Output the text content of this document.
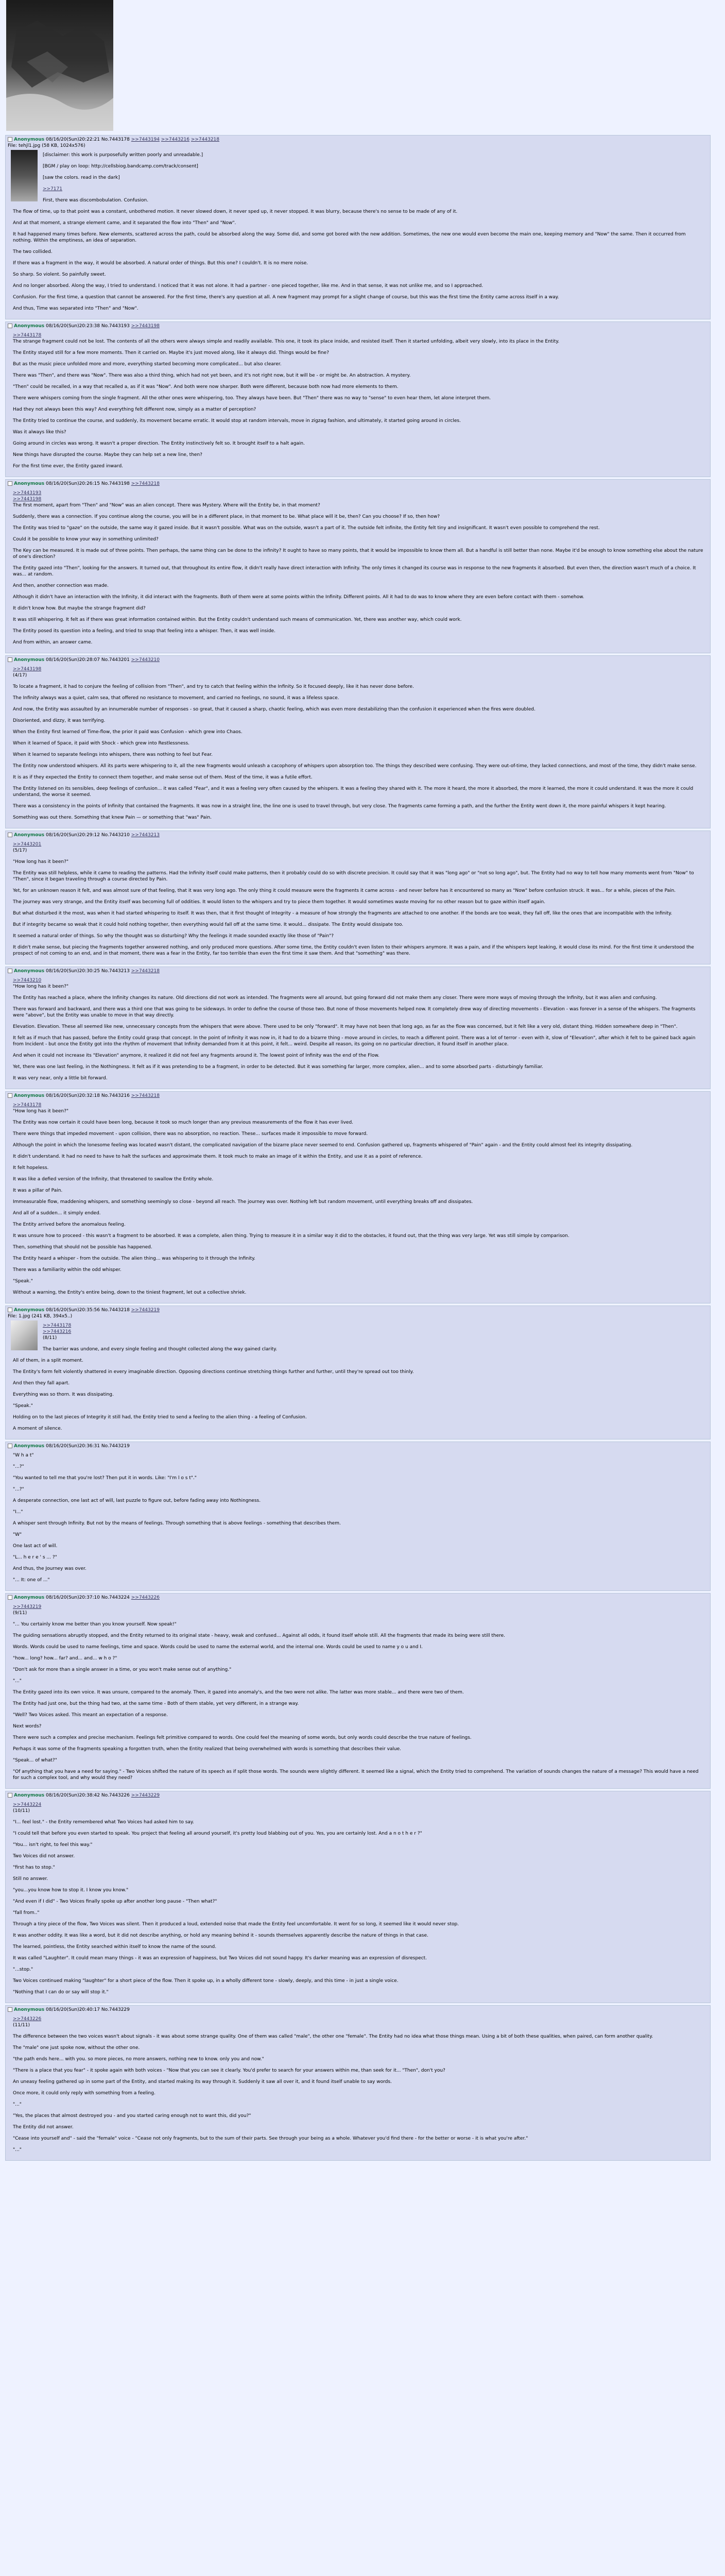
Anonymous 08/16/20(Sun)20:22:21 No.7443178 >>7443194 >>7443216 >>7443218
File: tehjl1.jpg (58 KB, 1024x576)

[disclaimer: this work is purposefully written poorly and unreadable.]

[BGM / play on loop: http://cellsbiog.bandcamp.com/track/consent]

[saw the colors. read in the dark]

>>7171

First, there was discombobulation. Confusion.

The flow of time, up to that point was a constant, unbothered motion. It never slowed down, it never sped up, it never stopped. It was blurry, because there's no sense to be made of any of it.

And at that moment, a strange element came, and it separated the flow into "Then" and "Now".

It had happened many times before. New elements, scattered across the path, could be absorbed along the way. Some did, and some got bored with the new addition. Sometimes, the new one would even become the main one, keeping memory and "Now" the same. Then it occurred from nothing. Within the emptiness, an idea of separation.

The two collided.

If there was a fragment in the way, it would be absorbed. A natural order of things. But this one? I couldn't. It is no mere noise.

So sharp. So violent. So painfully sweet.

And no longer absorbed. Along the way, I tried to understand. I noticed that it was not alone. It had a partner - one pieced together, like me. And in that sense, it was not unlike me, and so I approached.

Confusion. For the first time, a question that cannot be answered. For the first time, there's any question at all. A new fragment may prompt for a slight change of course, but this was the first time the Entity came across itself in a way.

And thus, Time was separated into "Then" and "Now".

Anonymous 08/16/20(Sun)20:23:38 No.7443193 >>7443198
>>7443178

The strange fragment could not be lost. The contents of all the others were always simple and readily available. This one, it took its place inside, and resisted itself. Then it started unfolding, albeit very slowly, into its place in the Entity.

The Entity stayed still for a few more moments. Then it carried on. Maybe it's just moved along, like it always did. Things would be fine?

But as the music piece unfolded more and more, everything started becoming more complicated... but also clearer.

There was "Then", and there was "Now". There was also a third thing, which had not yet been, and it's not right now, but it will be - or might be. An abstraction. A mystery.

"Then" could be recalled, in a way that recalled a, as if it was "Now". And both were now sharper. Both were different, because both now had more elements to them.

There were whispers coming from the single fragment. All the other ones were whispering, too. They always have been. But "Then" there was no way to "sense" to even hear them, let alone interpret them.

Had they not always been this way? And everything felt different now, simply as a matter of perception?

The Entity tried to continue the course, and suddenly, its movement became erratic. It would stop at random intervals, move in zigzag fashion, and ultimately, it started going around in circles.

Was it always like this?

Going around in circles was wrong. It wasn't a proper direction. The Entity instinctively felt so. It brought itself to a halt again.

New things have disrupted the course. Maybe they can help set a new line, then?

For the first time ever, the Entity gazed inward.

Anonymous 08/16/20(Sun)20:26:15 No.7443198 >>7443218
>>7443193
>>7443198

The first moment, apart from "Then" and "Now" was an alien concept. There was Mystery. Where will the Entity be, in that moment?

Suddenly, there was a connection. If you continue along the course, you will be in a different place, in that moment to be. What place will it be, then? Can you choose? If so, then how?

The Entity was tried to "gaze" on the outside, the same way it gazed inside. But it wasn't possible. What was on the outside, wasn't a part of it. The outside felt infinite, the Entity felt tiny and insignificant. It wasn't even possible to comprehend the rest.

Could it be possible to know your way in something unlimited?

The Key can be measured. It is made out of three points. Then perhaps, the same thing can be done to the infinity? It ought to have so many points, that it would be impossible to know them all. But a handful is still better than none. Maybe it'd be enough to know something else about the nature of one's direction?

The Entity gazed into "Then", looking for the answers. It turned out, that throughout its entire flow, it didn't really have direct interaction with Infinity. The only times it changed its course was in response to the new fragments it absorbed. But even then, the direction wasn't much of a choice. It was... at random.

And then, another connection was made.

Although it didn't have an interaction with the Infinity, it did interact with the fragments. Both of them were at some points within the Infinity. Different points. All it had to do was to know where they are even before contact with them - somehow.

It didn't know how. But maybe the strange fragment did?

It was still whispering. It felt as if there was great information contained within. But the Entity couldn't understand such means of communication. Yet, there was another way, which could work.

The Entity posed its question into a feeling, and tried to snap that feeling into a whisper. Then, it was well inside.

And from within, an answer came.

Anonymous 08/16/20(Sun)20:28:07 No.7443201 >>7443210
>>7443198

(4/17)

To locate a fragment, it had to conjure the feeling of collision from "Then", and try to catch that feeling within the Infinity. So it focused deeply, like it has never done before.

The Infinity always was a quiet, calm sea, that offered no resistance to movement, and carried no feelings, no sound, it was a lifeless space.

And now, the Entity was assaulted by an innumerable number of responses - so great, that it caused a sharp, chaotic feeling, which was even more destabilizing than the confusion it experienced when the fires were doubled.

Disoriented, and dizzy, it was terrifying.

When the Entity first learned of Time-flow, the prior it paid was Confusion - which grew into Chaos.

When it learned of Space, it paid with Shock - which grew into Restlessness.

When it learned to separate feelings into whispers, there was nothing to feel but Fear.

The Entity now understood whispers. All its parts were whispering to it, all the new fragments would unleash a cacophony of whispers upon absorption too. The things they described were confusing. They were out-of-time, they lacked connections, and most of the time, they didn't make sense.

It is as if they expected the Entity to connect them together, and make sense out of them. Most of the time, it was a futile effort.

The Entity listened on its sensibles, deep feelings of confusion... it was called "Fear", and it was a feeling very often caused by the whispers. It was a feeling they shared with it. The more it heard, the more it absorbed, the more it learned, the more it could understand. It was the more it could understand, the worse it seemed.

There was a consistency in the points of Infinity that contained the fragments. It was now in a straight line, the line one is used to travel through, but very close. The fragments came forming a path, and the further the Entity went down it, the more painful whispers it kept hearing.

Something was out there. Something that knew Pain — or something that "was" Pain.

Anonymous 08/16/20(Sun)20:29:12 No.7443210 >>7443213
>>7443201

(5/17)

"How long has it been?"

The Entity was still helpless, while it came to reading the patterns. Had the Infinity itself could make patterns, then it probably could do so with discrete precision. It could say that it was "long ago" or "not so long ago", but. The Entity had no way to tell how many moments went from "Now" to "Then", since it began traveling through a course directed by Pain.

Yet, for an unknown reason it felt, and was almost sure of that feeling, that it was very long ago. The only thing it could measure were the fragments it came across - and never before has it encountered so many as "Now" before confusion struck. It was... for a while, pieces of the Pain.

The journey was very strange, and the Entity itself was becoming full of oddities. It would listen to the whispers and try to piece them together. It would sometimes waste moving for no other reason but to gaze within itself again.

But what disturbed it the most, was when it had started whispering to itself. It was then, that it first thought of Integrity - a measure of how strongly the fragments are attached to one another. If the bonds are too weak, they fall off, like the ones that are incompatible with the Infinity.

But if integrity became so weak that it could hold nothing together, then everything would fall off at the same time. It would... dissipate. The Entity would dissipate too.

It seemed a natural order of things. So why the thought was so disturbing? Why the feelings it made sounded exactly like those of "Pain"?

It didn't make sense, but piecing the fragments together answered nothing, and only produced more questions. After some time, the Entity couldn't even listen to their whispers anymore. It was a pain, and if the whispers kept leaking, it would close its mind. For the first time it understood the prospect of not coming to an end, and in that moment, there was a fear in the Entity, far too terrible than even the first time it saw them. And that "something" was there.

Anonymous 08/16/20(Sun)20:30:25 No.7443213 >>7443218
>>7443210

"How long has it been?"

The Entity has reached a place, where the Infinity changes its nature. Old directions did not work as intended. The fragments were all around, but going forward did not make them any closer. There were more ways of moving through the Infinity, but it was alien and confusing.

There was forward and backward, and there was a third one that was going to be sideways. In order to define the course of those two. But none of those movements helped now. It completely drew way of directing movements - Elevation - was forever in a sense of the whispers. The fragments were "above", but the Entity was unable to move in that way directly.

Elevation. Elevation. These all seemed like new, unnecessary concepts from the whispers that were above. There used to be only "forward". It may have not been that long ago, as far as the flow was concerned, but it felt like a very old, distant thing. Hidden somewhere deep in "Then".

It felt as if much that has passed, before the Entity could grasp that concept. In the point of Infinity it was now in, it had to do a bizarre thing - move around in circles, to reach a different point. There was a lot of terror - even with it, slow of "Elevation", after which it felt to be gained back again from Incident - but once the Entity got into the rhythm of movement that Infinity demanded from it at this point, it felt... weird. Despite all reason, its going on no particular direction, it found itself in another place.

And when it could not increase its "Elevation" anymore, it realized it did not feel any fragments around it. The lowest point of Infinity was the end of the Flow.

Yet, there was one last feeling, in the Nothingness. It felt as if it was pretending to be a fragment, in order to be detected. But it was something far larger, more complex, alien... and to some absorbed parts - disturbingly familiar.

It was very near, only a little bit forward.

Anonymous 08/16/20(Sun)20:32:18 No.7443216 >>7443218
>>7443178

"How long has it been?"

The Entity was now certain it could have been long, because it took so much longer than any previous measurements of the flow it has ever lived.

There were things that impeded movement - upon collision, there was no absorption, no reaction. These... surfaces made it impossible to move forward.

Although the point in which the lonesome feeling was located wasn't distant, the complicated navigation of the bizarre place never seemed to end. Confusion gathered up, fragments whispered of "Pain" again - and the Entity could almost feel its integrity dissipating.

It didn't understand. It had no need to have to halt the surfaces and approximate them. It took much to make an image of it within the Entity, and use it as a point of reference.

It felt hopeless.

It was like a defied version of the Infinity, that threatened to swallow the Entity whole.

It was a pillar of Pain.

Immeasurable flow, maddening whispers, and something seemingly so close - beyond all reach. The journey was over. Nothing left but random movement, until everything breaks off and dissipates.

And all of a sudden... it simply ended.

The Entity arrived before the anomalous feeling.

It was unsure how to proceed - this wasn't a fragment to be absorbed. It was a complete, alien thing. Trying to measure it in a similar way it did to the obstacles, it found out, that the thing was very large. Yet was still simple by comparison.

Then, something that should not be possible has happened.

The Entity heard a whisper - from the outside. The alien thing... was whispering to it through the Infinity.

There was a familiarity within the odd whisper.

"Speak."

Without a warning, the Entity's entire being, down to the tiniest fragment, let out a collective shriek.

Anonymous 08/16/20(Sun)20:35:56 No.7443218 >>7443219
File: 1.jpg (241 KB, 394x5..)
>>7443178
>>7443216

(8/11)

The barrier was undone, and every single feeling and thought collected along the way gained clarity.

All of them, in a split moment.

The Entity's form felt violently shattered in every imaginable direction. Opposing directions continue stretching things further and further, until they're spread out too thinly.

And then they fall apart.

Everything was so thorn. It was dissipating.

"Speak."

Holding on to the last pieces of Integrity it still had, the Entity tried to send a feeling to the alien thing - a feeling of Confusion.

A moment of silence.

Anonymous 08/16/20(Sun)20:36:31 No.7443219

"W h a t"

"...?"

"You wanted to tell me that you're lost? Then put it in words. Like: "I'm l o s t"."

"...?"

A desperate connection, one last act of will, last puzzle to figure out, before fading away into Nothingness.

"I..."

A whisper sent through Infinity. But not by the means of feelings. Through something that is above feelings - something that describes them.

"W"

One last act of will.

"L... h e r e ' s ... ?"

And thus, the Journey was over.

"... It: one of ..."

Anonymous 08/16/20(Sun)20:37:10 No.7443224 >>7443226
>>7443219

(9/11)

"... You certainly know me better than you know yourself. Now speak!"

The guiding sensations abruptly stopped, and the Entity returned to its original state - heavy, weak and confused... Against all odds, it found itself whole still. All the fragments that made its being were still there.

Words. Words could be used to name feelings, time and space. Words could be used to name the external world, and the internal one. Words could be used to name y o u and I.

"how... long? how... far? and... and... w h o ?"

"Don't ask for more than a single answer in a time, or you won't make sense out of anything."

"..."

The Entity gazed into its own voice. It was unsure, compared to the anomaly. Then, it gazed into anomaly's, and the two were not alike. The latter was more stable... and there were two of them.

The Entity had just one, but the thing had two, at the same time - Both of them stable, yet very different, in a strange way.

"Well? Two Voices asked. This meant an expectation of a response.

Next words?

There were such a complex and precise mechanism. Feelings felt primitive compared to words. One could feel the meaning of some words, but only words could describe the true nature of feelings.

Perhaps it was some of the fragments speaking a forgotten truth, when the Entity realized that being overwhelmed with words is something that describes their value.

"Speak... of what?"

"Of anything that you have a need for saying." - Two Voices shifted the nature of its speech as if split those words. The sounds were slightly different. It seemed like a signal, which the Entity tried to comprehend. The variation of sounds changes the nature of a message? This would have a need for such a complex tool, and why would they need?

Anonymous 08/16/20(Sun)20:38:42 No.7443226 >>7443229
>>7443224

(10/11)

"I... feel lost." - the Entity remembered what Two Voices had asked him to say.

"I could tell that before you even started to speak. You project that feeling all around yourself, it's pretty loud blabbing out of you. Yes, you are certainly lost. And a n o t h e r ?"

"You... isn't right, to feel this way."

Two Voices did not answer.

"first has to stop."

Still no answer.

"you...you know how to stop it. I know you know."

"And even if I did" - Two Voices finally spoke up after another long pause - "Then what?"

"fall from.."

Through a tiny piece of the flow, Two Voices was silent. Then it produced a loud, extended noise that made the Entity feel uncomfortable. It went for so long, it seemed like it would never stop.

It was another oddity. It was like a word, but it did not describe anything, or hold any meaning behind it - sounds themselves apparently describe the nature of things in that case.

The learned, pointless, the Entity searched within itself to know the name of the sound.

It was called "Laughter". It could mean many things - it was an expression of happiness, but Two Voices did not sound happy. It's darker meaning was an expression of disrespect.

"...stop."

Two Voices continued making "laughter" for a short piece of the flow. Then it spoke up, in a wholly different tone - slowly, deeply, and this time - in just a single voice.

"Nothing that I can do or say will stop it."

Anonymous 08/16/20(Sun)20:40:17 No.7443229
>>7443226

(11/11)

The difference between the two voices wasn't about signals - it was about some strange quality. One of them was called "male", the other one "female". The Entity had no idea what those things mean. Using a bit of both these qualities, when paired, can form another quality.

The "male" one just spoke now, without the other one.

"the path ends here... with you. so more pieces, no more answers, nothing new to know. only you and now."

"There is a place that you fear" - it spoke again with both voices - "Now that you can see it clearly. You'd prefer to search for your answers within me, than seek for it... "Then", don't you?

An uneasy feeling gathered up in some part of the Entity, and started making its way through it. Suddenly it saw all over it, and it found itself unable to say words.

Once more, it could only reply with something from a feeling.

"..."

"Yes, the places that almost destroyed you - and you started caring enough not to want this, did you?"

The Entity did not answer.

"Cease into yourself and" - said the "female" voice - "Cease not only fragments, but to the sum of their parts. See through your being as a whole. Whatever you'd find there - for the better or worse - it is what you're after."

"..."
